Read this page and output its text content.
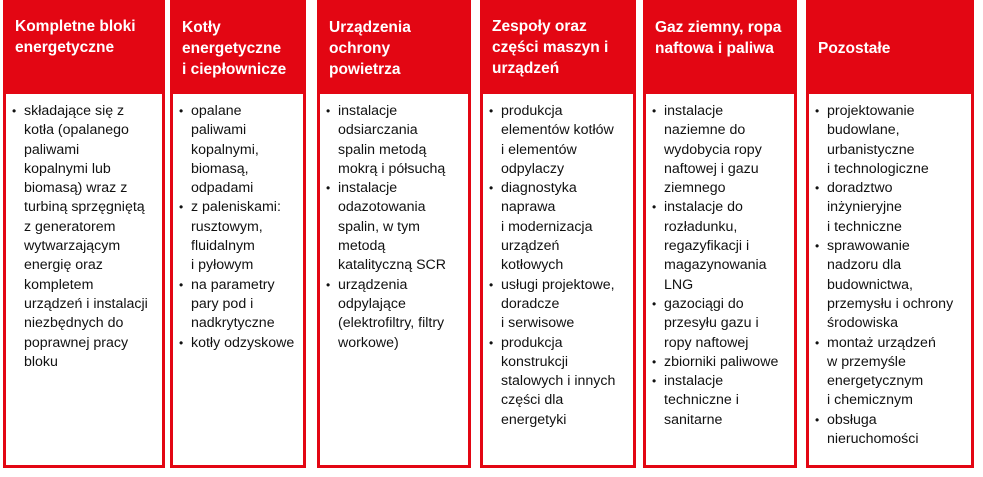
Kompletne bloki
energetyczne
• składające się z
kotła (opalanego
paliwami
kopalnymi lub
biomasą) wraz z
turbiną sprzęgniętą
z generatorem
wytwarzającym
energię oraz
kompletem
urządzeń i instalacji
niezbędnych do
poprawnej pracy
bloku
Kotły
energetyczne
i ciepłownicze
• opalane
paliwami
kopalnymi,
biomasą,
odpadami
• z paleniskami:
rusztowym,
fluidalnym
i pyłowym
• na parametry
pary pod i
nadkrytyczne
• kotły odzyskowe
Urządzenia
ochrony
powietrza
• instalacje
odsiarczania
spalin metodą
mokrą i półsuchą
• instalacje
odazotowania
spalin, w tym
metodą
katalityczną SCR
• urządzenia
odpylające
(elektrofiltry, filtry
workowe)
Zespoły oraz
części maszyn i
urządzeń
• produkcja
elementów kotłów
i elementów
odpylaczy
• diagnostyka
naprawa
i modernizacja
urządzeń
kotłowych
• usługi projektowe,
doradcze
i serwisowe
• produkcja
konstrukcji
stalowych i innych
części dla
energetyki
Gaz ziemny, ropa
naftowa i paliwa
• instalacje
naziemne do
wydobycia ropy
naftowej i gazu
ziemnego
• instalacje do
rozładunku,
regazyfikacji i
magazynowania
LNG
• gazociągi do
przesyłu gazu i
ropy naftowej
• zbiorniki paliwowe
• instalacje
techniczne i
sanitarne
Pozostałe
• projektowanie
budowlane,
urbanistyczne
i technologiczne
• doradztwo
inżynieryjne
i techniczne
• sprawowanie
nadzoru dla
budownictwa,
przemysłu i ochrony
środowiska
• montaż urządzeń
w przemyśle
energetycznym
i chemicznym
• obsługa
nieruchomości
